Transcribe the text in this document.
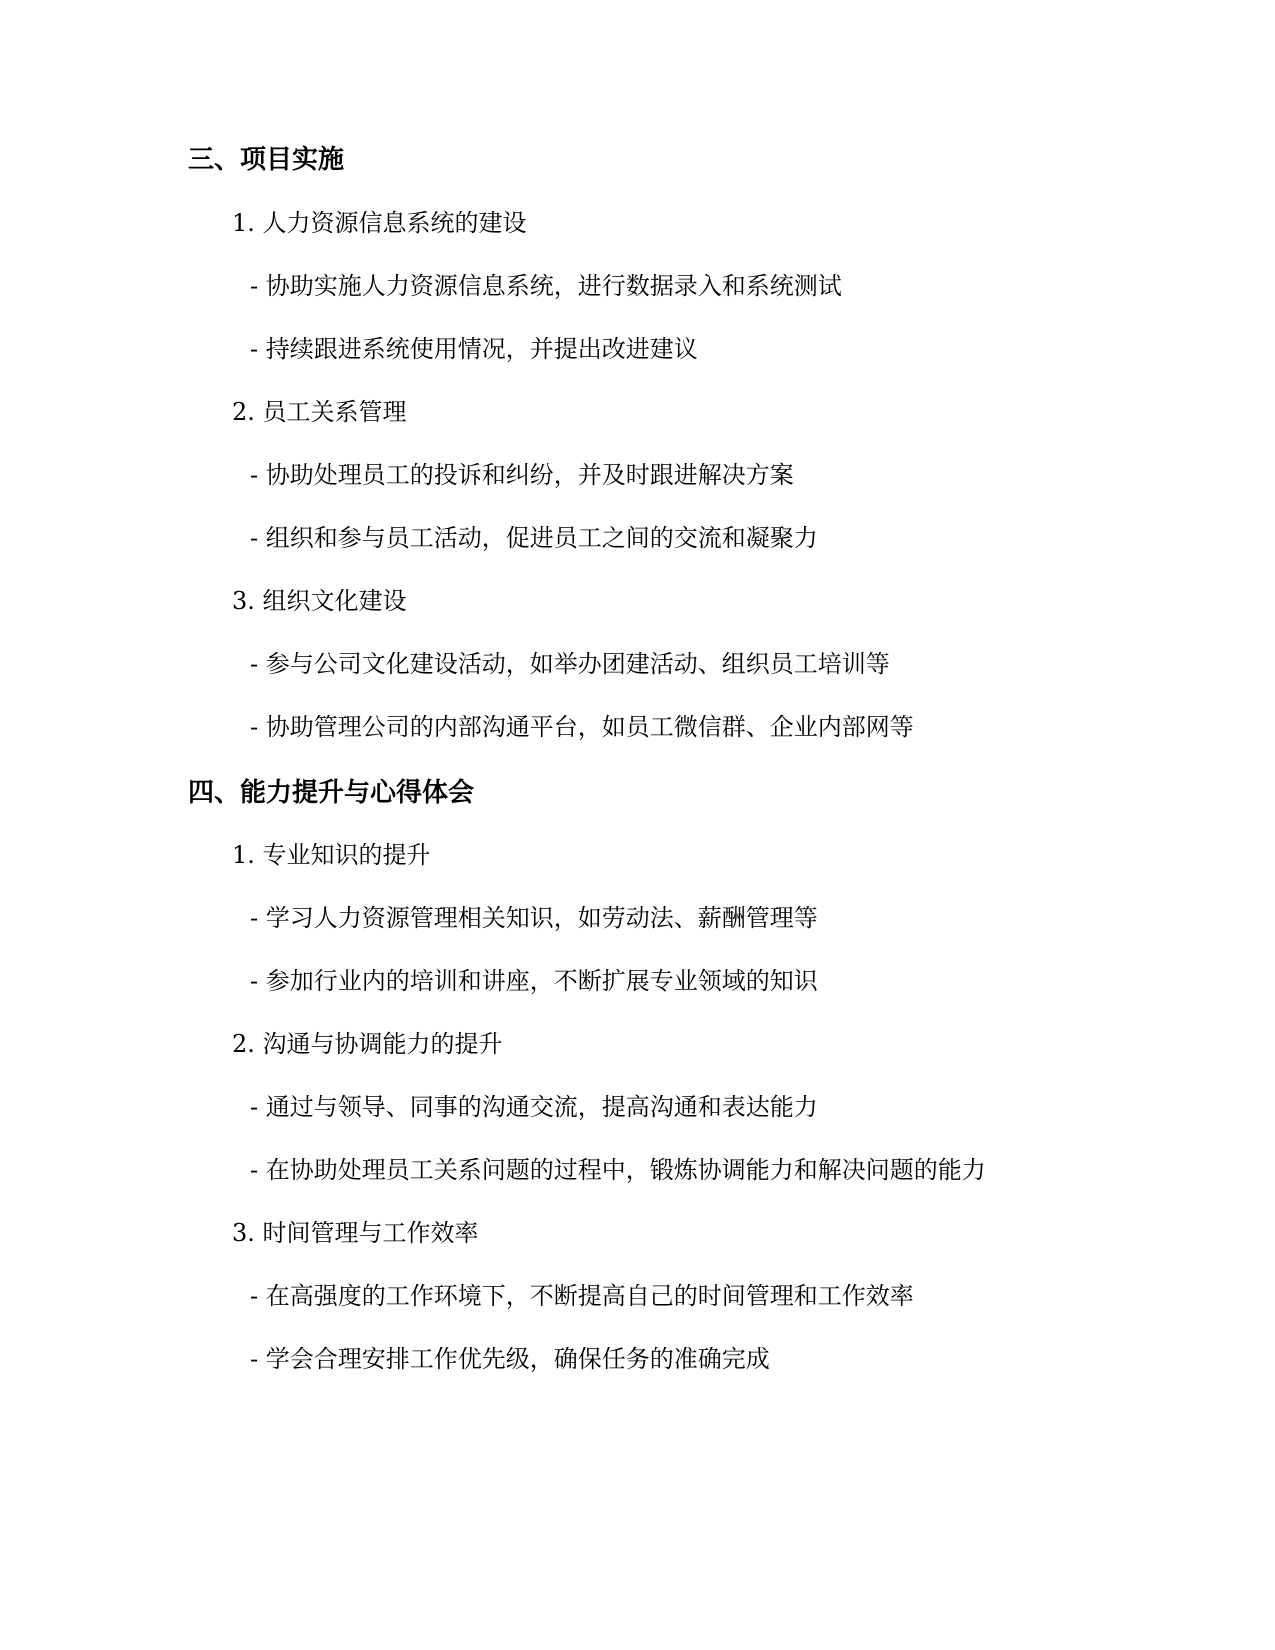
三、项目实施
1. 人力资源信息系统的建设
- 协助实施人力资源信息系统，进行数据录入和系统测试
- 持续跟进系统使用情况，并提出改进建议
2. 员工关系管理
- 协助处理员工的投诉和纠纷，并及时跟进解决方案
- 组织和参与员工活动，促进员工之间的交流和凝聚力
3. 组织文化建设
- 参与公司文化建设活动，如举办团建活动、组织员工培训等
- 协助管理公司的内部沟通平台，如员工微信群、企业内部网等
四、能力提升与心得体会
1. 专业知识的提升
- 学习人力资源管理相关知识，如劳动法、薪酬管理等
- 参加行业内的培训和讲座，不断扩展专业领域的知识
2. 沟通与协调能力的提升
- 通过与领导、同事的沟通交流，提高沟通和表达能力
- 在协助处理员工关系问题的过程中，锻炼协调能力和解决问题的能力
3. 时间管理与工作效率
- 在高强度的工作环境下，不断提高自己的时间管理和工作效率
- 学会合理安排工作优先级，确保任务的准确完成
